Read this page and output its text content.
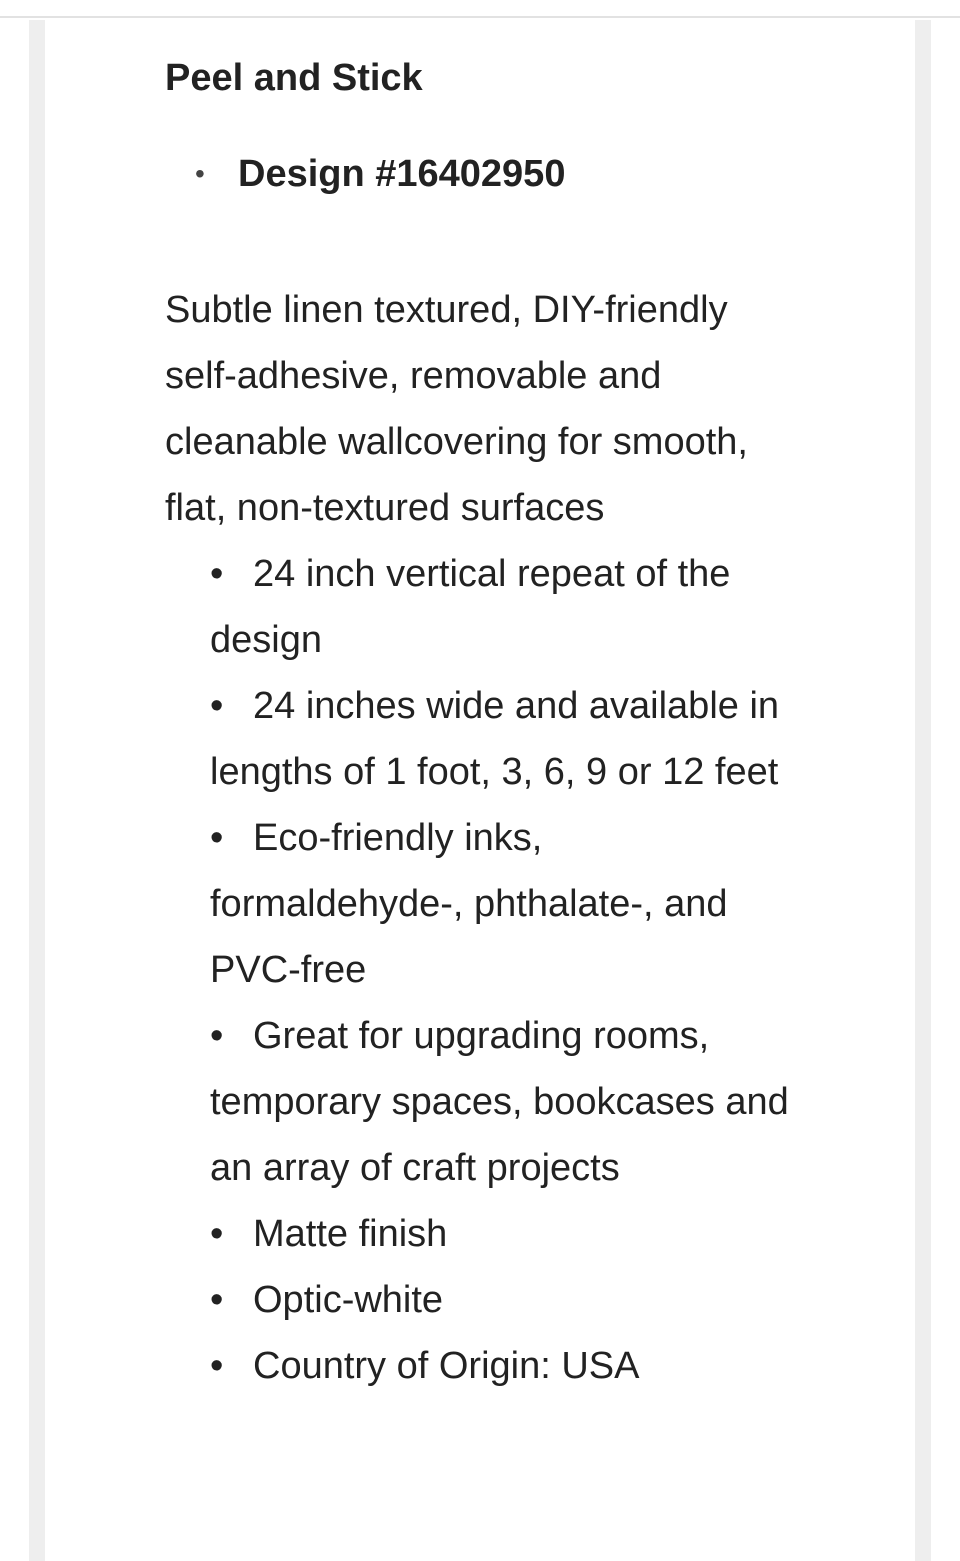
Peel and Stick
• Design #16402950

Subtle linen textured, DIY-friendly self-adhesive, removable and cleanable wallcovering for smooth, flat, non-textured surfaces

• 24 inch vertical repeat of the design
• 24 inches wide and available in lengths of 1 foot, 3, 6, 9 or 12 feet
• Eco-friendly inks, formaldehyde-, phthalate-, and PVC-free
• Great for upgrading rooms, temporary spaces, bookcases and an array of craft projects
• Matte finish
• Optic-white
• Country of Origin: USA
